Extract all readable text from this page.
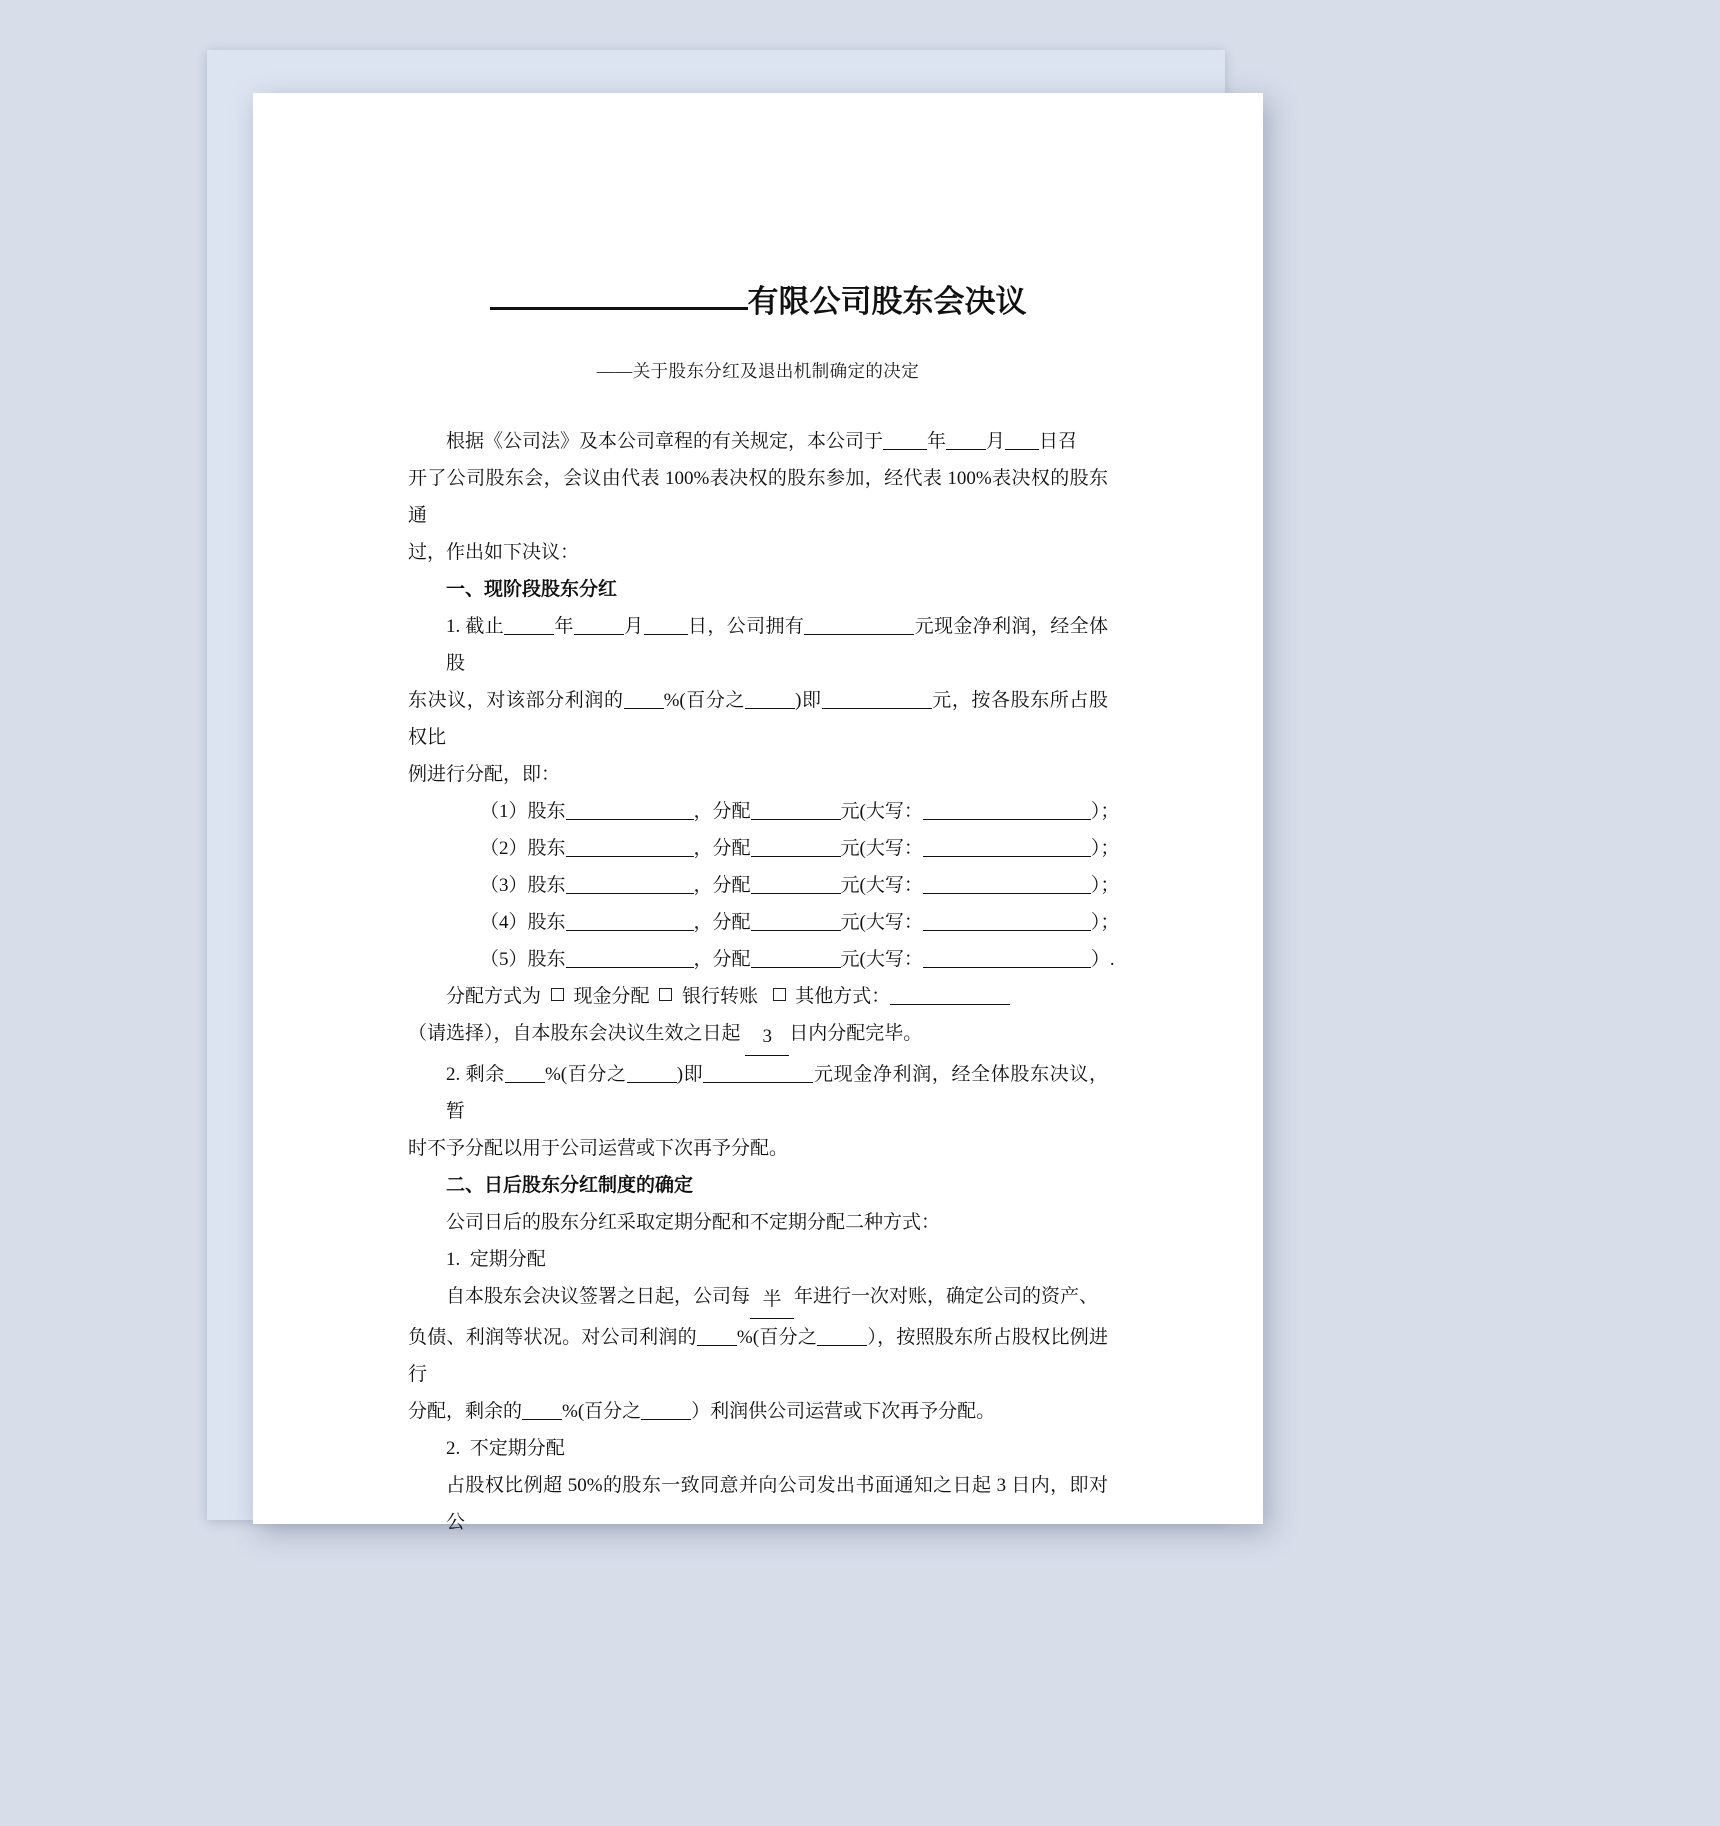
有限公司股东会决议
——关于股东分红及退出机制确定的决定

根据《公司法》及本公司章程的有关规定，本公司于 年 月 日召

开了公司股东会，会议由代表 100%表决权的股东参加，经代表 100%表决权的股东通

过，作出如下决议：

一、现阶段股东分红

1. 截止	年	月 日，公司拥有	元现金净利润，经全体股

东决议，对该部分利润的 %(百分之	)即	元，按各股东所占股权比

例进行分配，即：

（1）股东	，分配	元(大写：	）；

（2）股东	，分配	元(大写：	）；

（3）股东	，分配	元(大写：	）；

（4）股东	，分配	元(大写：	）；

（5）股东	，分配	元(大写：	）.

分配方式为 现金分配 银行转账 其他方式：

（请选择），自本股东会决议生效之日起 3 日内分配完毕。

2. 剩余 %(百分之	)即	元现金净利润，经全体股东决议，暂

时不予分配以用于公司运营或下次再予分配。

二、日后股东分红制度的确定

公司日后的股东分红采取定期分配和不定期分配二种方式：

1. 定期分配

自本股东会决议签署之日起，公司每 半 年进行一次对账，确定公司的资产、

负债、利润等状况。对公司利润的 %(百分之	），按照股东所占股权比例进行

分配，剩余的 %(百分之	）利润供公司运营或下次再予分配。

2. 不定期分配

占股权比例超 50%的股东一致同意并向公司发出书面通知之日起 3 日内，即对公
